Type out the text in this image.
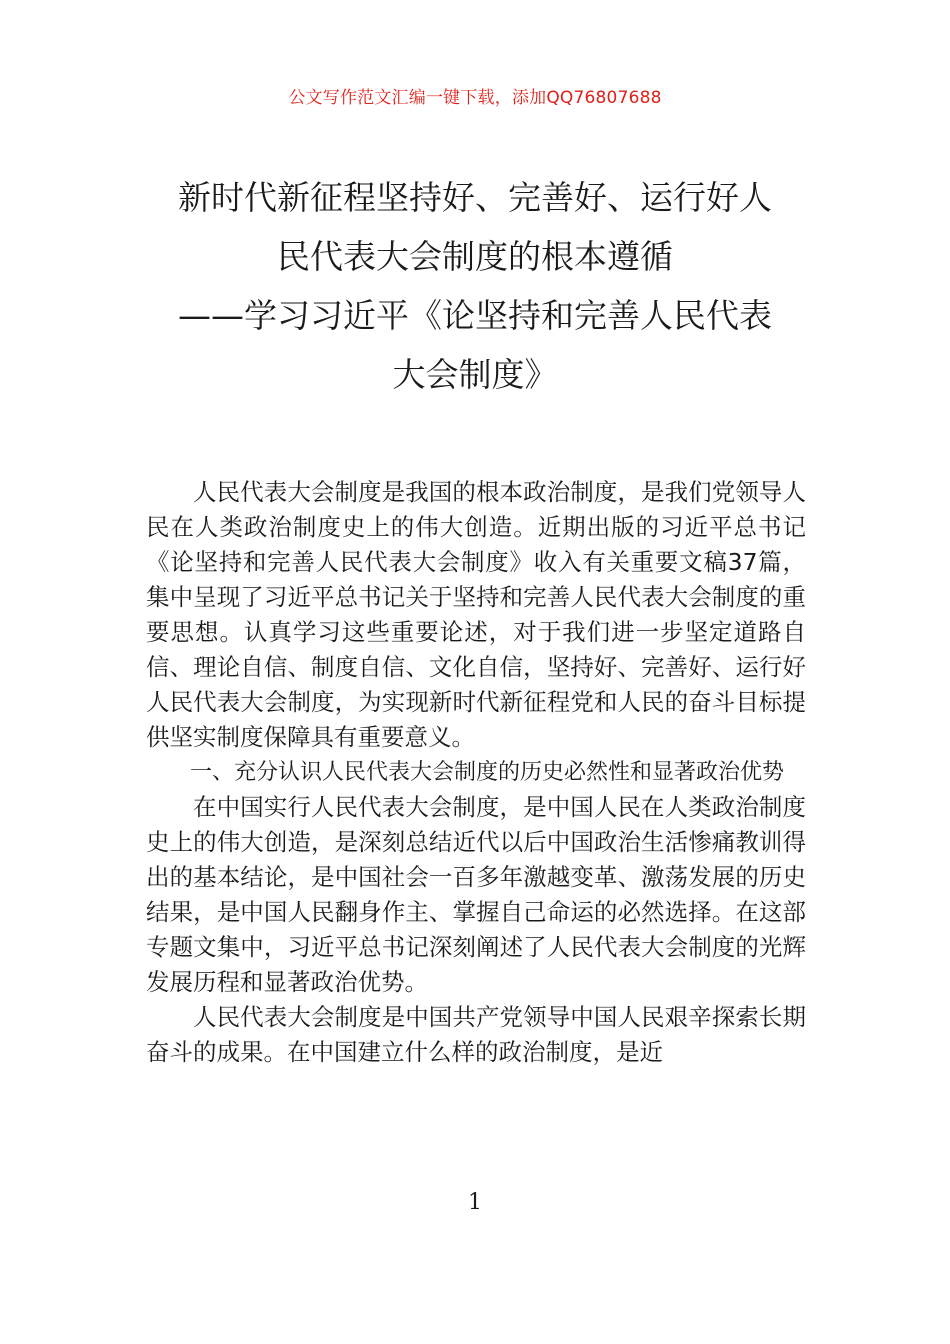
公文写作范文汇编一键下载，添加QQ76807688
新时代新征程坚持好、完善好、运行好人
民代表大会制度的根本遵循
——学习习近平《论坚持和完善人民代表
大会制度》

人民代表大会制度是我国的根本政治制度，是我们党领导人民在人类政治制度史上的伟大创造。近期出版的习近平总书记《论坚持和完善人民代表大会制度》收入有关重要文稿37篇，集中呈现了习近平总书记关于坚持和完善人民代表大会制度的重要思想。认真学习这些重要论述，对于我们进一步坚定道路自信、理论自信、制度自信、文化自信，坚持好、完善好、运行好人民代表大会制度，为实现新时代新征程党和人民的奋斗目标提供坚实制度保障具有重要意义。

一、充分认识人民代表大会制度的历史必然性和显著政治优势

在中国实行人民代表大会制度，是中国人民在人类政治制度史上的伟大创造，是深刻总结近代以后中国政治生活惨痛教训得出的基本结论，是中国社会一百多年激越变革、激荡发展的历史结果，是中国人民翻身作主、掌握自己命运的必然选择。在这部专题文集中，习近平总书记深刻阐述了人民代表大会制度的光辉发展历程和显著政治优势。

人民代表大会制度是中国共产党领导中国人民艰辛探索长期奋斗的成果。在中国建立什么样的政治制度，是近

1
